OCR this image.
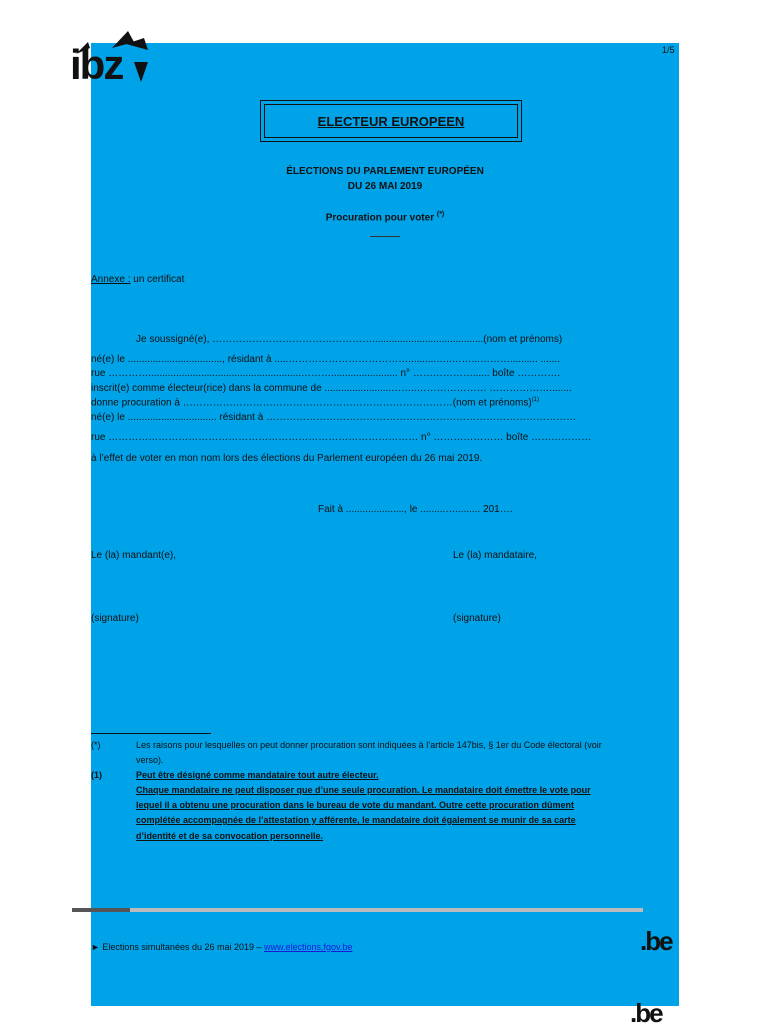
1/5
ibz
ELECTEUR EUROPEEN
ÉLECTIONS DU PARLEMENT EUROPÉEN
DU 26 MAI 2019
Procuration pour voter (*)
Annexe : un certificat
Je soussigné(e), …………………………………………........................................(nom et prénoms)
né(e) le .................................., résidant à .....………………………………..........…..……...……….......... .......
rue ………….......................................................………........................ n° ………………...... boîte ………….
inscrit(e) comme électeur(rice) dans la commune de ........................……..………………… ………………........
donne procuration à ………………………………………………………………………(nom et prénoms)$^{(1)}$
né(e) le ................................ résidant à …………………………………………………………………………………
rue ………………………………………………………………………………… n° ………………… boîte ………………
à l’effet de voter en mon nom lors des élections du Parlement européen du 26 mai 2019.
Fait à ....................., le .........…......... 201….
Le (la) mandant(e),	Le (la) mandataire,
(signature)	(signature)
(*)	Les raisons pour lesquelles on peut donner procuration sont indiquées à l’article 147bis, § 1er du Code électoral (voir
verso).
(1)	Peut être désigné comme mandataire tout autre électeur.
Chaque mandataire ne peut disposer que d’une seule procuration. Le mandataire doit émettre le vote pour
lequel il a obtenu une procuration dans le bureau de vote du mandant. Outre cette procuration dûment
complétée accompagnée de l’attestation y afférente, le mandataire doit également se munir de sa carte
d’identité et de sa convocation personnelle.
► Elections simultanées du 26 mai 2019 – www.elections.fgov.be	.be
.be
